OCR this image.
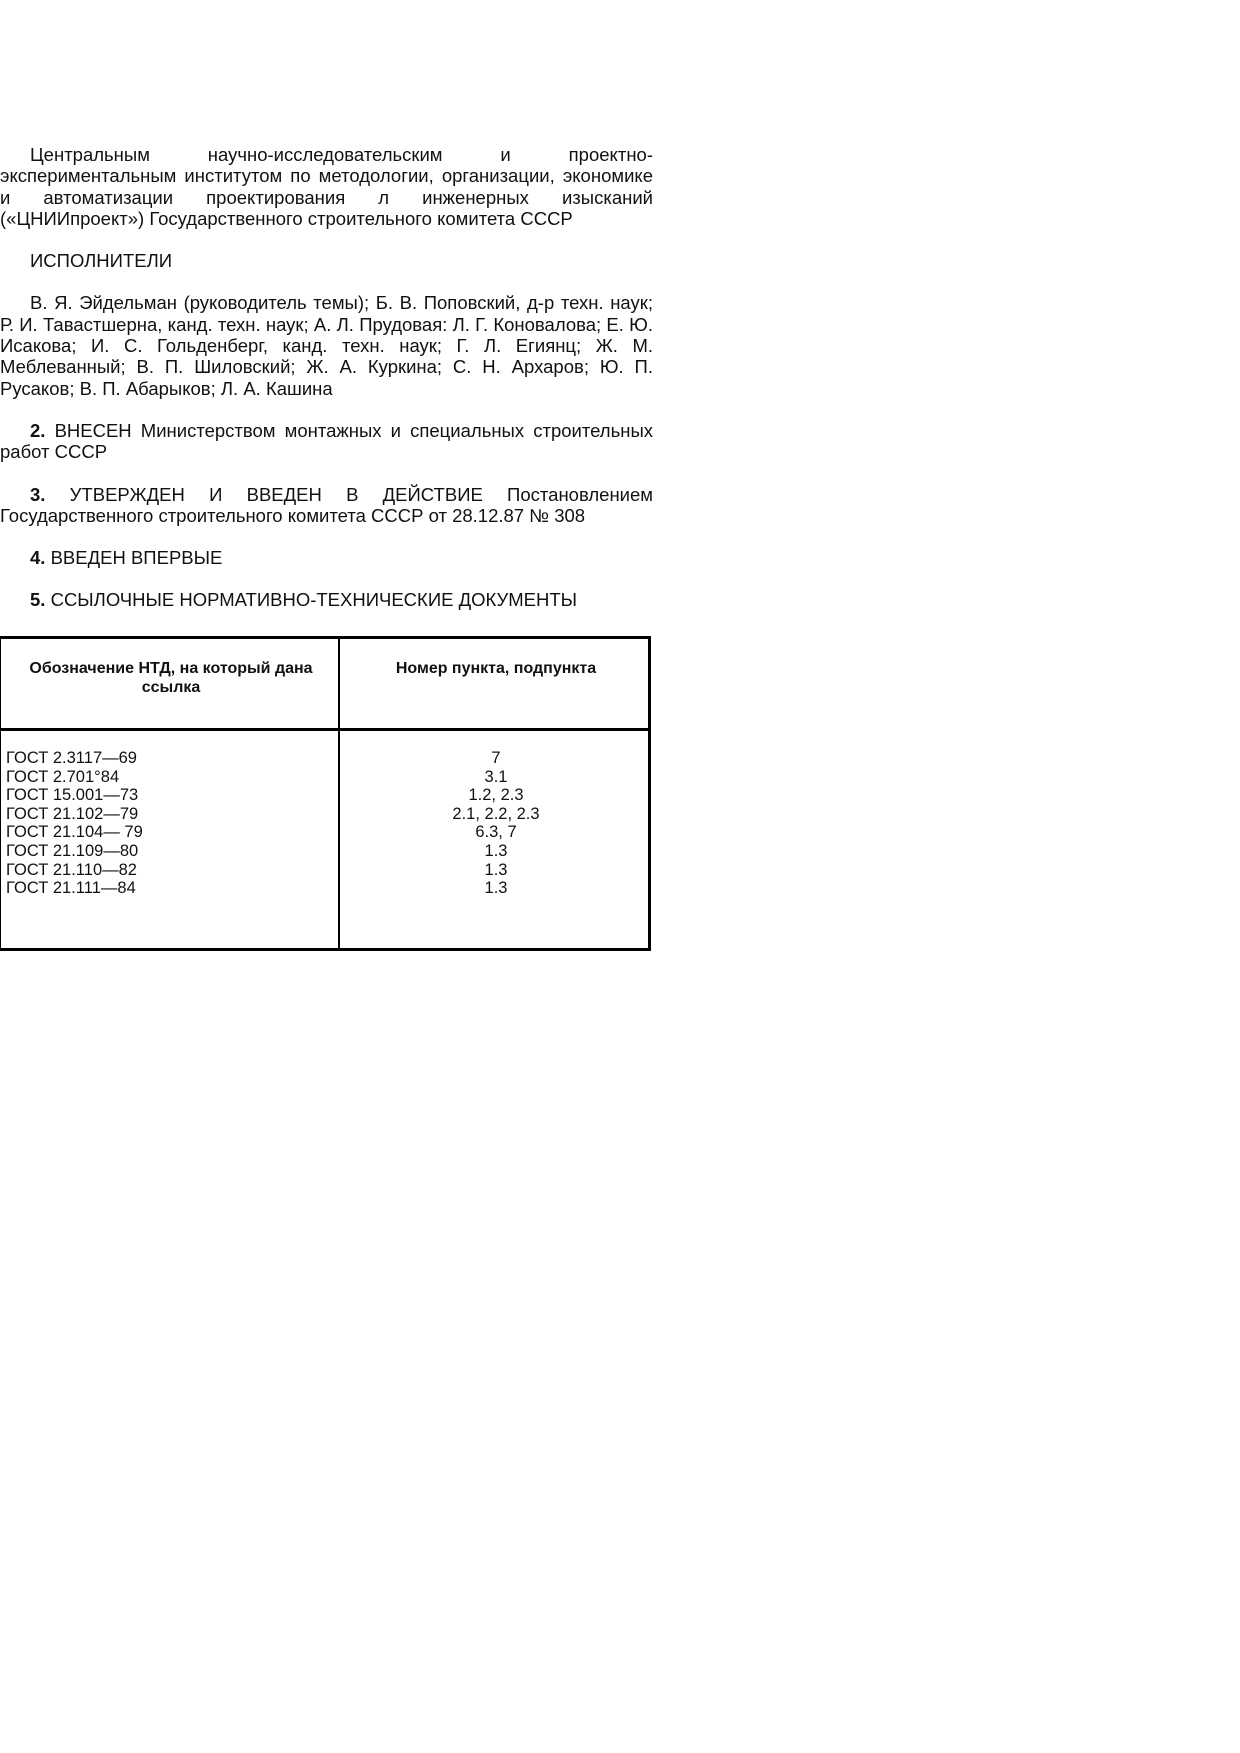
Центральным научно-исследовательским и проектно-экспериментальным институтом по методологии, организации, экономике и автоматизации проектирования л инженерных изысканий («ЦНИИпроект») Государственного строительного комитета СССР

ИСПОЛНИТЕЛИ

В. Я. Эйдельман (руководитель темы); Б. В. Поповский, д-р техн. наук; Р. И. Тавастшерна, канд. техн. наук; А. Л. Прудовая: Л. Г. Коновалова; Е. Ю. Исакова; И. С. Гольденберг, канд. техн. наук; Г. Л. Егиянц; Ж. М. Меблеванный; В. П. Шиловский; Ж. А. Куркина; С. Н. Архаров; Ю. П. Русаков; В. П. Абарыков; Л. А. Кашина

2. ВНЕСЕН Министерством монтажных и специальных строительных работ СССР

3. УТВЕРЖДЕН И ВВЕДЕН В ДЕЙСТВИЕ Постановлением Государственного строительного комитета СССР от 28.12.87 № 308

4. ВВЕДЕН ВПЕРВЫЕ

5. ССЫЛОЧНЫЕ НОРМАТИВНО-ТЕХНИЧЕСКИЕ ДОКУМЕНТЫ

Обозначение НТД, на который дана ссылка
Номер пункта, подпункта
ГОСТ 2.3117—69
ГОСТ 2.701°84
ГОСТ 15.001—73
ГОСТ 21.102—79
ГОСТ 21.104— 79
ГОСТ 21.109—80
ГОСТ 21.110—82
ГОСТ 21.111—84
7
3.1
1.2, 2.3
2.1, 2.2, 2.3
6.3, 7
1.3
1.3
1.3
